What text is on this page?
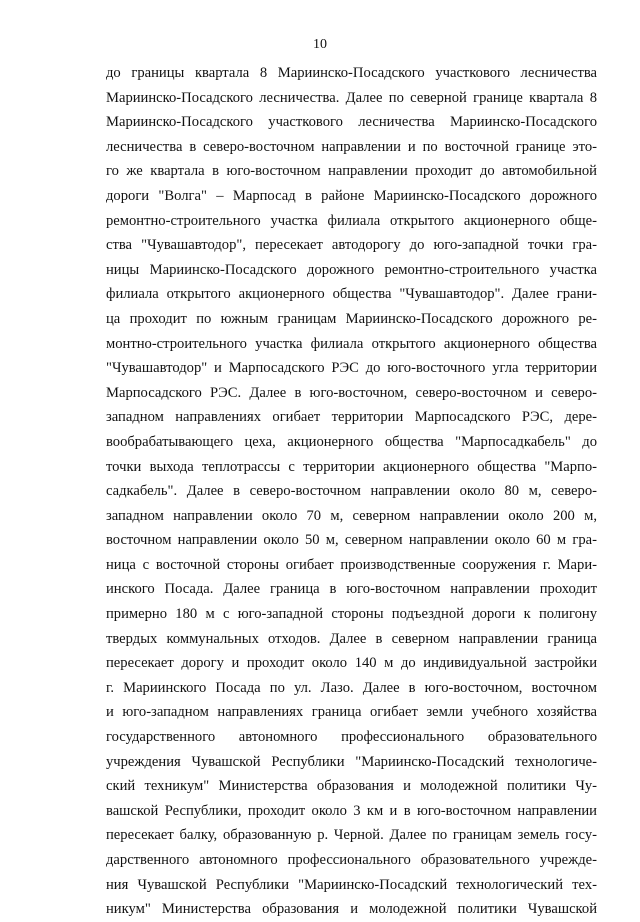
10
до границы квартала 8 Мариинско-Посадского участкового лесничества
Мариинско-Посадского лесничества. Далее по северной границе квартала 8
Мариинско-Посадского участкового лесничества Мариинско-Посадского
лесничества в северо-восточном направлении и по восточной границе это-
го же квартала в юго-восточном направлении проходит до автомобильной
дороги "Волга" – Марпосад в районе Мариинско-Посадского дорожного
ремонтно-строительного участка филиала открытого акционерного обще-
ства "Чувашавтодор", пересекает автодорогу до юго-западной точки гра-
ницы Мариинско-Посадского дорожного ремонтно-строительного участка
филиала открытого акционерного общества "Чувашавтодор". Далее грани-
ца проходит по южным границам Мариинско-Посадского дорожного ре-
монтно-строительного участка филиала открытого акционерного общества
"Чувашавтодор" и Марпосадского РЭС до юго-восточного угла территории
Марпосадского РЭС. Далее в юго-восточном, северо-восточном и северо-
западном направлениях огибает территории Марпосадского РЭС, дере-
вообрабатывающего цеха, акционерного общества "Марпосадкабель" до
точки выхода теплотрассы с территории акционерного общества "Марпо-
садкабель". Далее в северо-восточном направлении около 80 м, северо-
западном направлении около 70 м, северном направлении около 200 м,
восточном направлении около 50 м, северном направлении около 60 м гра-
ница с восточной стороны огибает производственные сооружения г. Мари-
инского Посада. Далее граница в юго-восточном направлении проходит
примерно 180 м с юго-западной стороны подъездной дороги к полигону
твердых коммунальных отходов. Далее в северном направлении граница
пересекает дорогу и проходит около 140 м до индивидуальной застройки
г. Мариинского Посада по ул. Лазо. Далее в юго-восточном, восточном
и юго-западном направлениях граница огибает земли учебного хозяйства
государственного автономного профессионального образовательного
учреждения Чувашской Республики "Мариинско-Посадский технологиче-
ский техникум" Министерства образования и молодежной политики Чу-
вашской Республики, проходит около 3 км и в юго-восточном направлении
пересекает балку, образованную р. Черной. Далее по границам земель госу-
дарственного автономного профессионального образовательного учрежде-
ния Чувашской Республики "Мариинско-Посадский технологический тех-
никум" Министерства образования и молодежной политики Чувашской
